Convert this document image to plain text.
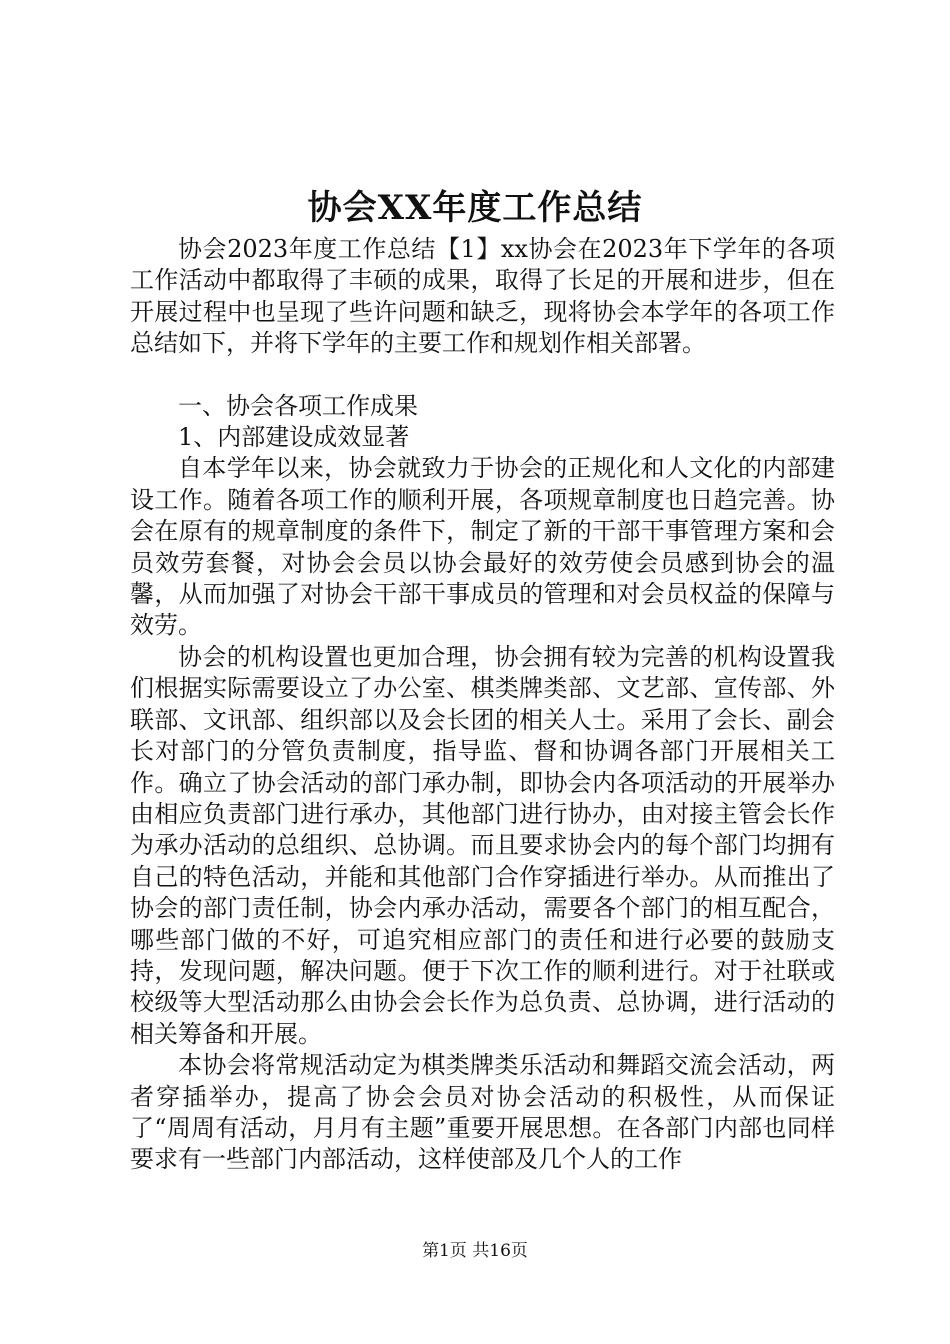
协会XX年度工作总结

协会2023年度工作总结【1】xx协会在2023年下学年的各项工作活动中都取得了丰硕的成果，取得了长足的开展和进步，但在开展过程中也呈现了些许问题和缺乏，现将协会本学年的各项工作总结如下，并将下学年的主要工作和规划作相关部署。

一、协会各项工作成果

1、内部建设成效显著

自本学年以来，协会就致力于协会的正规化和人文化的内部建设工作。随着各项工作的顺利开展，各项规章制度也日趋完善。协会在原有的规章制度的条件下，制定了新的干部干事管理方案和会员效劳套餐，对协会会员以协会最好的效劳使会员感到协会的温馨，从而加强了对协会干部干事成员的管理和对会员权益的保障与效劳。

协会的机构设置也更加合理，协会拥有较为完善的机构设置我们根据实际需要设立了办公室、棋类牌类部、文艺部、宣传部、外联部、文讯部、组织部以及会长团的相关人士。采用了会长、副会长对部门的分管负责制度，指导监、督和协调各部门开展相关工作。确立了协会活动的部门承办制，即协会内各项活动的开展举办由相应负责部门进行承办，其他部门进行协办，由对接主管会长作为承办活动的总组织、总协调。而且要求协会内的每个部门均拥有自己的特色活动，并能和其他部门合作穿插进行举办。从而推出了协会的部门责任制，协会内承办活动，需要各个部门的相互配合，哪些部门做的不好，可追究相应部门的责任和进行必要的鼓励支持，发现问题，解决问题。便于下次工作的顺利进行。对于社联或校级等大型活动那么由协会会长作为总负责、总协调，进行活动的相关筹备和开展。

本协会将常规活动定为棋类牌类乐活动和舞蹈交流会活动，两者穿插举办，提高了协会会员对协会活动的积极性，从而保证了“周周有活动，月月有主题”重要开展思想。在各部门内部也同样要求有一些部门内部活动，这样使部及几个人的工作

第1页 共16页
